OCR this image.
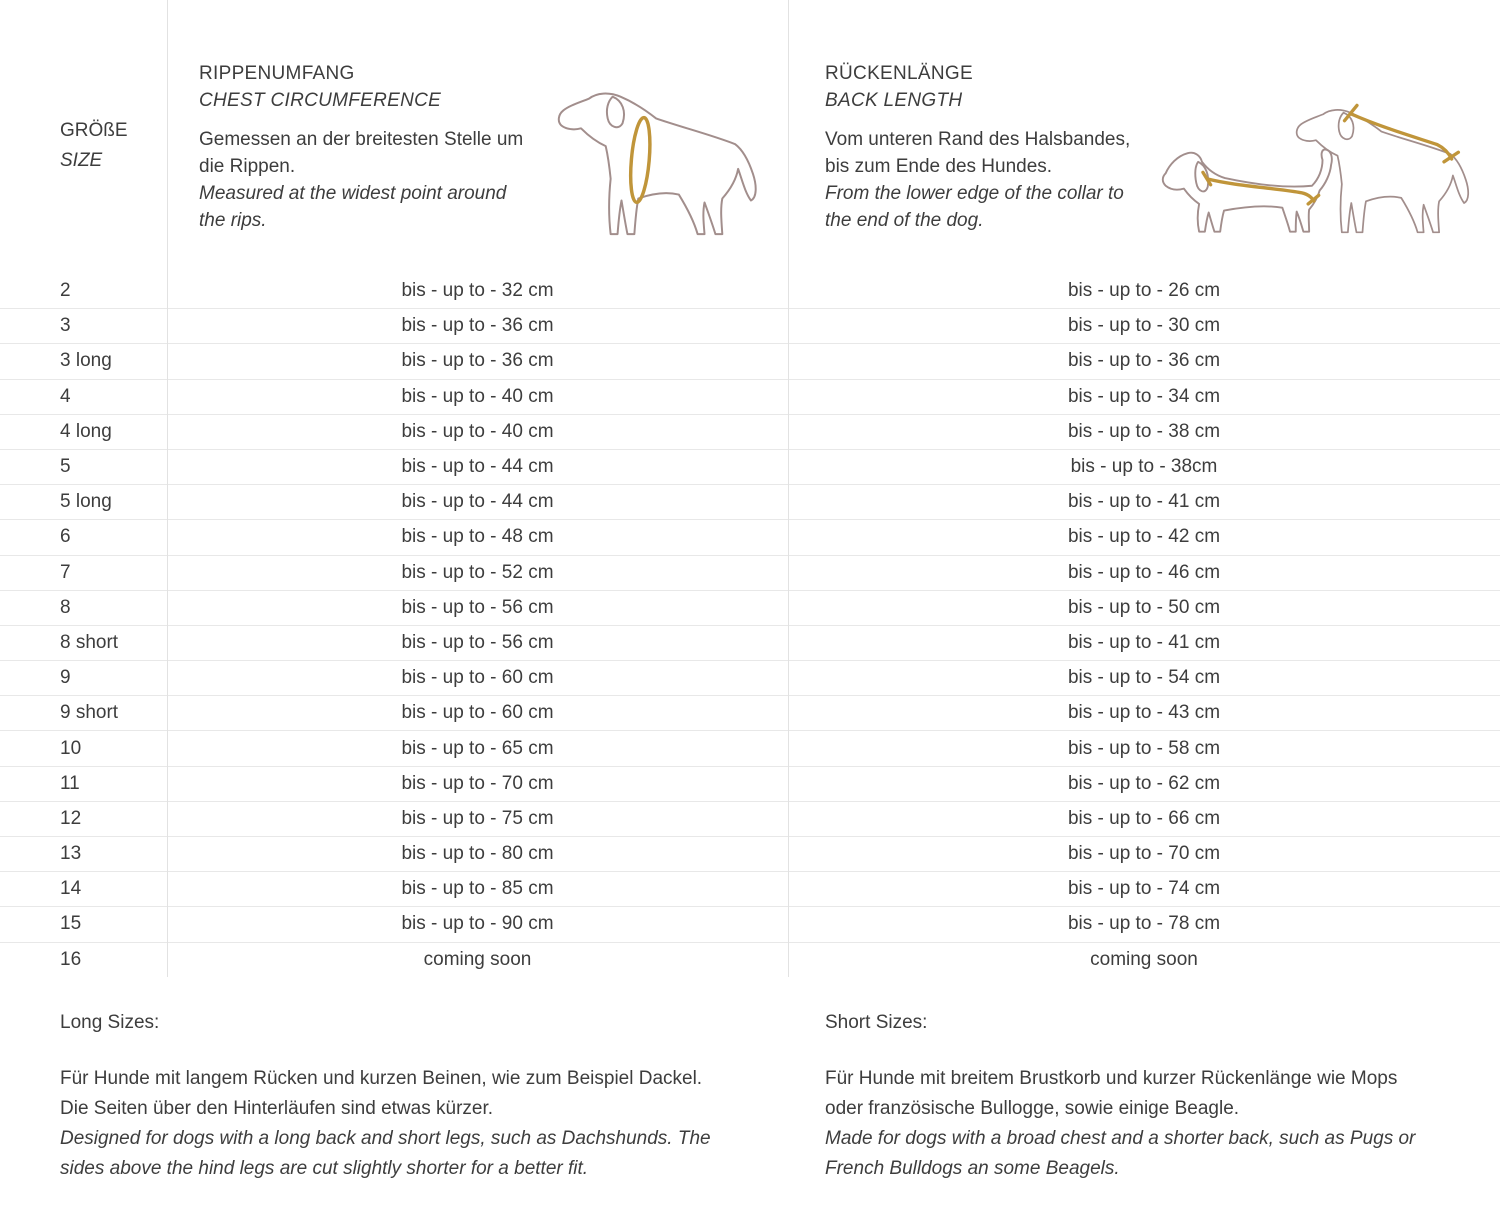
GRÖßE
SIZE
RIPPENUMFANG
CHEST CIRCUMFERENCE
Gemessen an der breitesten Stelle um
die Rippen.
Measured at the widest point around
the rips.
RÜCKENLÄNGE
BACK LENGTH
Vom unteren Rand des Halsbandes,
bis zum Ende des Hundes.
From the lower edge of the collar to
the end of the dog.
2	bis - up to - 32 cm	bis - up to - 26 cm
3	bis - up to - 36 cm	bis - up to - 30 cm
3 long	bis - up to - 36 cm	bis - up to - 36 cm
4	bis - up to - 40 cm	bis - up to - 34 cm
4 long	bis - up to - 40 cm	bis - up to - 38 cm
5	bis - up to - 44 cm	bis - up to - 38cm
5 long	bis - up to - 44 cm	bis - up to - 41 cm
6	bis - up to - 48 cm	bis - up to - 42 cm
7	bis - up to - 52 cm	bis - up to - 46 cm
8	bis - up to - 56 cm	bis - up to - 50 cm
8 short	bis - up to - 56 cm	bis - up to - 41 cm
9	bis - up to - 60 cm	bis - up to - 54 cm
9 short	bis - up to - 60 cm	bis - up to - 43 cm
10	bis - up to - 65 cm	bis - up to - 58 cm
11	bis - up to - 70 cm	bis - up to - 62 cm
12	bis - up to - 75 cm	bis - up to - 66 cm
13	bis - up to - 80 cm	bis - up to - 70 cm
14	bis - up to - 85 cm	bis - up to - 74 cm
15	bis - up to - 90 cm	bis - up to - 78 cm
16	coming soon	coming soon
Long Sizes:
Für Hunde mit langem Rücken und kurzen Beinen, wie zum Beispiel Dackel.
Die Seiten über den Hinterläufen sind etwas kürzer.
Designed for dogs with a long back and short legs, such as Dachshunds. The
sides above the hind legs are cut slightly shorter for a better fit.
Short Sizes:
Für Hunde mit breitem Brustkorb und kurzer Rückenlänge wie Mops
oder französische Bullogge, sowie einige Beagle.
Made for dogs with a broad chest and a shorter back, such as Pugs or
French Bulldogs an some Beagels.
